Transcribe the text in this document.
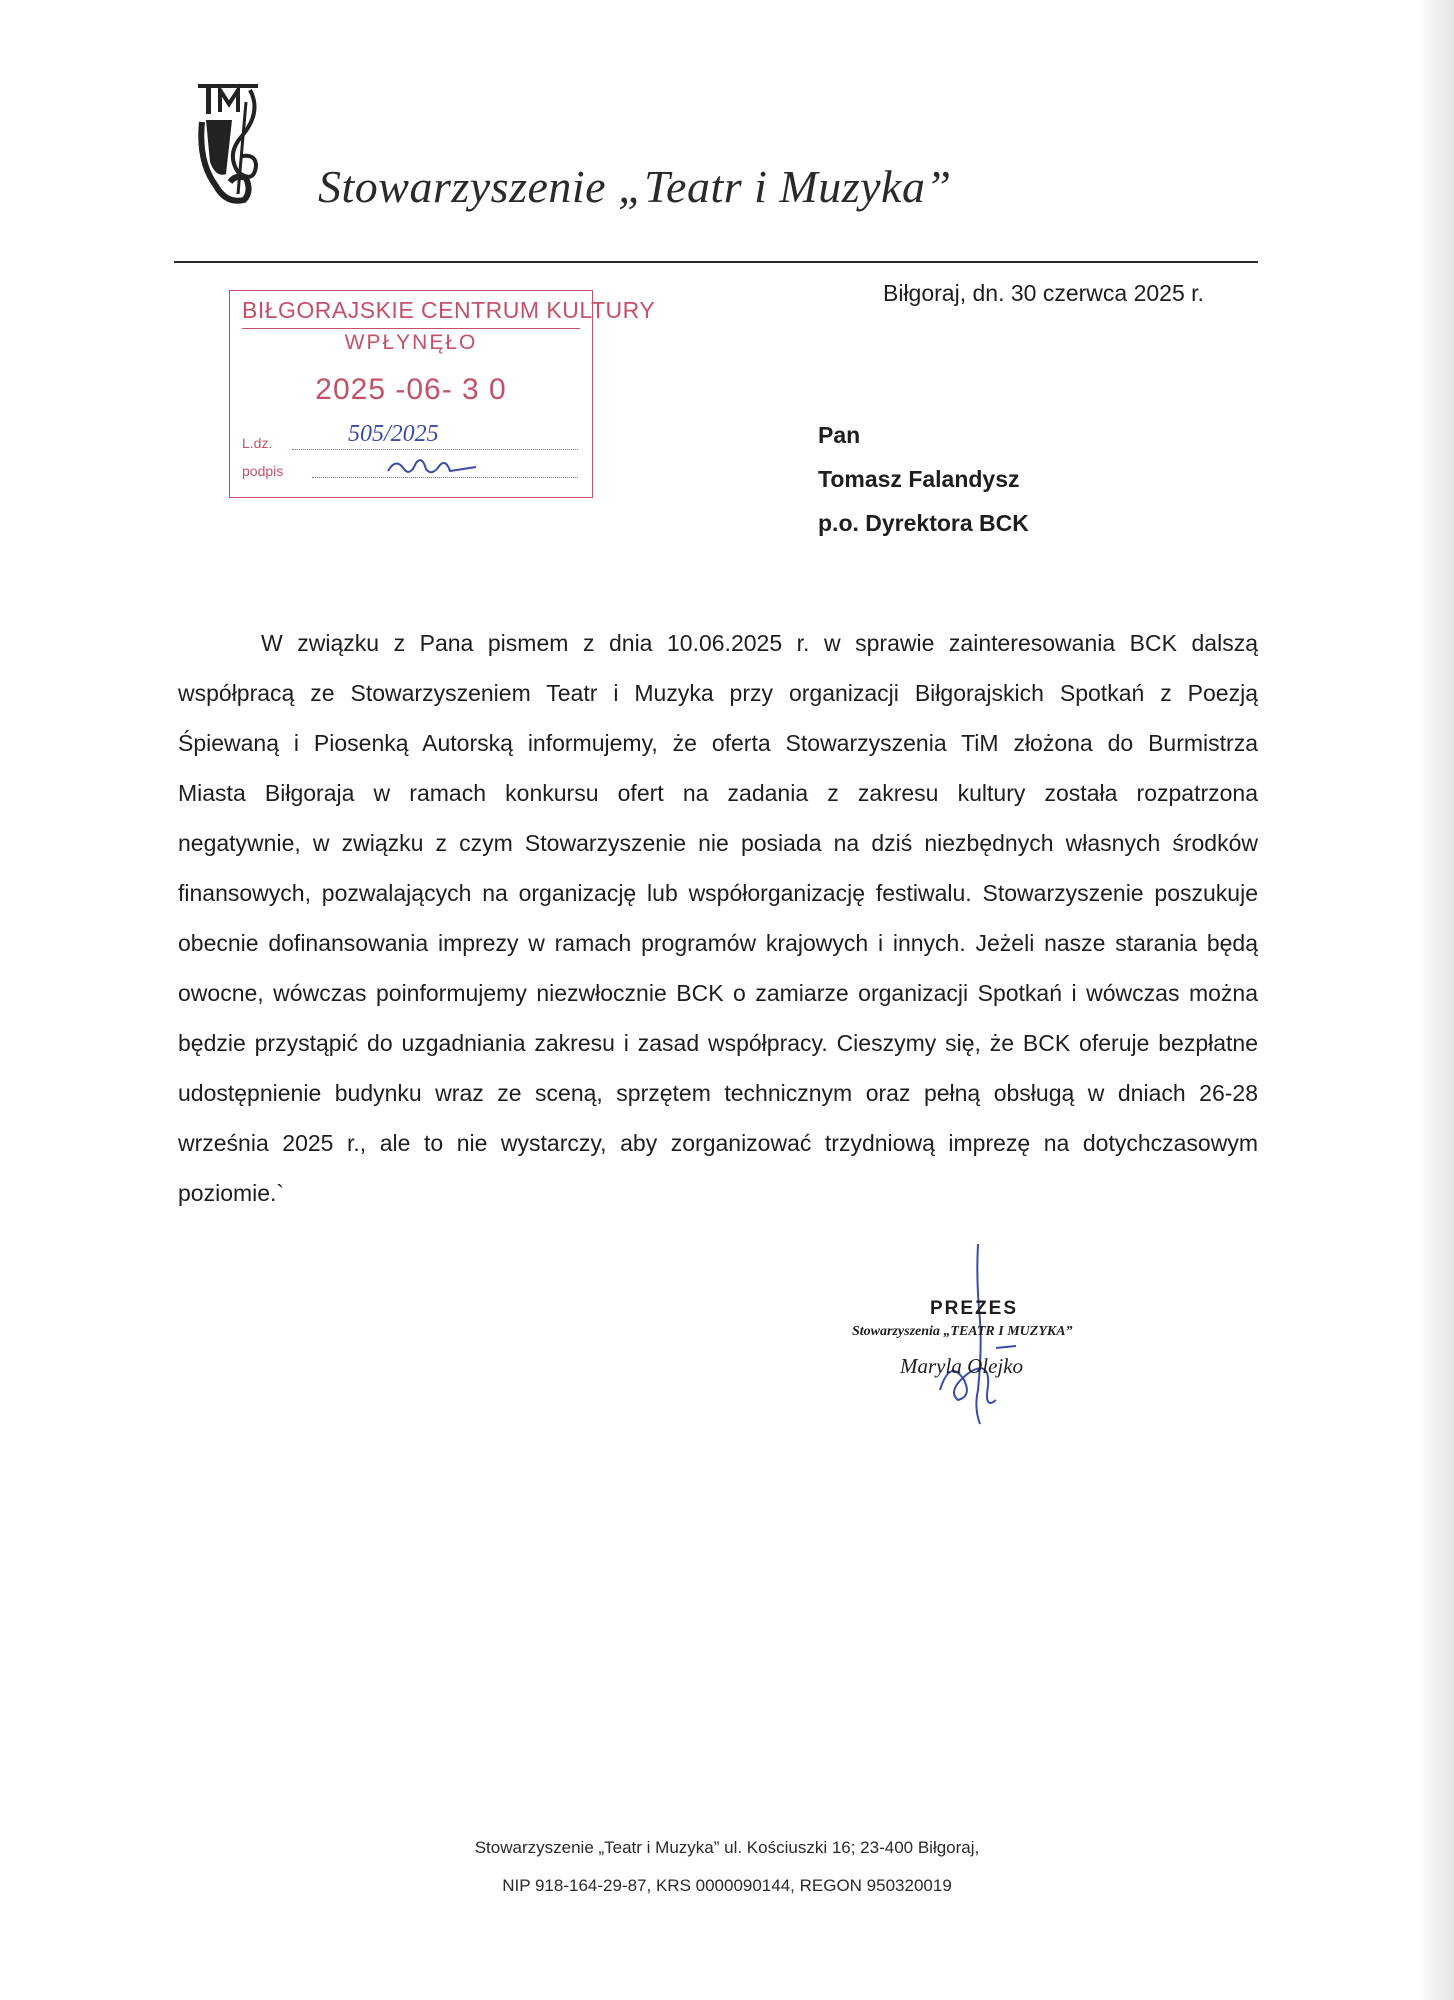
Stowarzyszenie „Teatr i Muzyka”
BIŁGORAJSKIE CENTRUM KULTURY
WPŁYNĘŁO
2025 -06- 3 0
L.dz.
podpis
505/2025
Biłgoraj, dn. 30 czerwca 2025 r.
Pan
Tomasz Falandysz
p.o. Dyrektora BCK
W związku z Pana pismem z dnia 10.06.2025 r. w sprawie zainteresowania BCK dalszą
współpracą ze Stowarzyszeniem Teatr i Muzyka przy organizacji Biłgorajskich Spotkań z Poezją
Śpiewaną i Piosenką Autorską informujemy, że oferta Stowarzyszenia TiM złożona do Burmistrza
Miasta Biłgoraja w ramach konkursu ofert na zadania z zakresu kultury została rozpatrzona
negatywnie, w związku z czym Stowarzyszenie nie posiada na dziś niezbędnych własnych środków
finansowych, pozwalających na organizację lub współorganizację festiwalu. Stowarzyszenie poszukuje
obecnie dofinansowania imprezy w ramach programów krajowych i innych. Jeżeli nasze starania będą
owocne, wówczas poinformujemy niezwłocznie BCK o zamiarze organizacji Spotkań i wówczas można
będzie przystąpić do uzgadniania zakresu i zasad współpracy. Cieszymy się, że BCK oferuje bezpłatne
udostępnienie budynku wraz ze sceną, sprzętem technicznym oraz pełną obsługą w dniach 26-28
września 2025 r., ale to nie wystarczy, aby zorganizować trzydniową imprezę na dotychczasowym
poziomie.`
PREZES
Stowarzyszenia „TEATR I MUZYKA”
Maryla Olejko
Stowarzyszenie „Teatr i Muzyka” ul. Kościuszki 16; 23-400 Biłgoraj,
NIP 918-164-29-87, KRS 0000090144, REGON 950320019
